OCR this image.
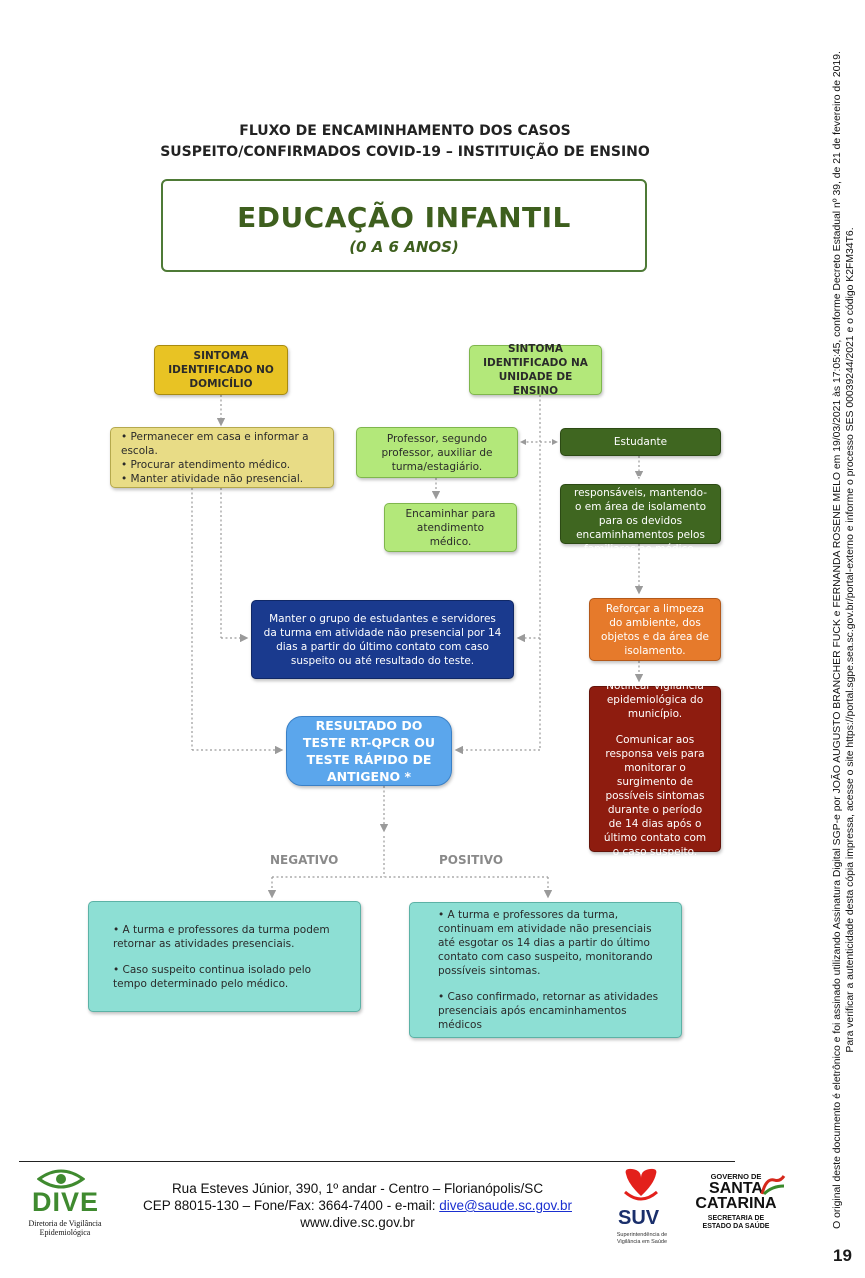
FLUXO DE ENCAMINHAMENTO DOS CASOS
SUSPEITO/CONFIRMADOS COVID-19 – INSTITUIÇÃO DE ENSINO
EDUCAÇÃO INFANTIL
(0 A 6 ANOS)
SINTOMA IDENTIFICADO NO DOMICÍLIO
SINTOMA IDENTIFICADO NA UNIDADE DE ENSINO
• Permanecer em casa e informar a escola.
• Procurar atendimento médico.
• Manter atividade não presencial.
Professor, segundo professor, auxiliar de turma/estagiário.
Encaminhar para atendimento médico.
Estudante
Comunicar os responsáveis, mantendo-o em área de isolamento para os devidos encaminhamentos pelos familiares ao médico.
Manter o grupo de estudantes e servidores da turma em atividade não presencial por 14 dias a partir do último contato com caso suspeito ou até resultado do teste.
Reforçar a limpeza do ambiente, dos objetos e da área de isolamento.
Notificar vigilância epidemiológica do município.
Comunicar aos responsa veis para monitorar o surgimento de possíveis sintomas durante o período de 14 dias após o último contato com o caso suspeito.
RESULTADO DO TESTE RT-QPCR OU TESTE RÁPIDO DE ANTIGENO *
NEGATIVO	POSITIVO
• A turma e professores da turma podem retornar as atividades presenciais.
• Caso suspeito continua isolado pelo tempo determinado pelo médico.
• A turma e professores da turma, continuam em atividade não presenciais até esgotar os 14 dias a partir do último contato com caso suspeito, monitorando possíveis sintomas.
• Caso confirmado, retornar as atividades presenciais após encaminhamentos médicos
DIVE
Diretoria de Vigilância Epidemiológica
Rua Esteves Júnior, 390, 1º andar - Centro – Florianópolis/SC
CEP 88015-130 – Fone/Fax: 3664-7400 - e-mail: dive@saude.sc.gov.br
www.dive.sc.gov.br	SUV
Superintendência de Vigilância em Saúde
GOVERNO DE
SANTA
CATARINA
SECRETARIA DE ESTADO DA SAÚDE	O original deste documento é eletrônico e foi assinado utilizando Assinatura Digital SGP-e por JOÃO AUGUSTO BRANCHER FUCK e FERNANDA ROSENE MELO em 19/03/2021 às 17:05:45, conforme Decreto Estadual nº 39, de 21 de fevereiro de 2019. Para verificar a autenticidade desta cópia impressa, acesse o site https://portal.sgpe.sea.sc.gov.br/portal-externo e informe o processo SES 00039244/2021 e o código K2FM34T6.
19
